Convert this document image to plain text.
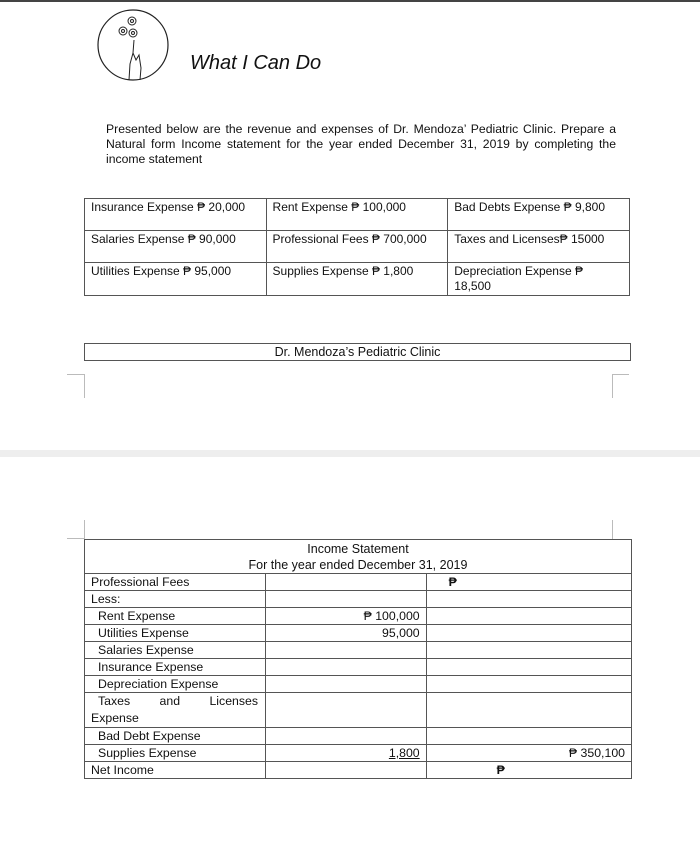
What I Can Do
Presented below are the revenue and expenses of Dr. Mendoza’ Pediatric Clinic. Prepare a Natural form Income statement for the year ended December 31, 2019 by completing the income statement
Insurance Expense ₱ 20,000	Rent Expense ₱ 100,000	Bad Debts Expense ₱ 9,800
Salaries Expense ₱ 90,000	Professional Fees ₱ 700,000	Taxes and Licenses₱ 15000
Utilities Expense ₱ 95,000	Supplies Expense ₱ 1,800	Depreciation Expense ₱ 18,500
Dr. Mendoza’s Pediatric Clinic
Income Statement
For the year ended December 31, 2019		

Professional Fees		₱
Less:		
Rent Expense	₱ 100,000	
Utilities Expense	95,000	
Salaries Expense		
Insurance Expense		
Depreciation Expense		
Taxes and Licenses Expense		
Bad Debt Expense		
Supplies Expense	1,800	₱ 350,100
Net Income		₱
